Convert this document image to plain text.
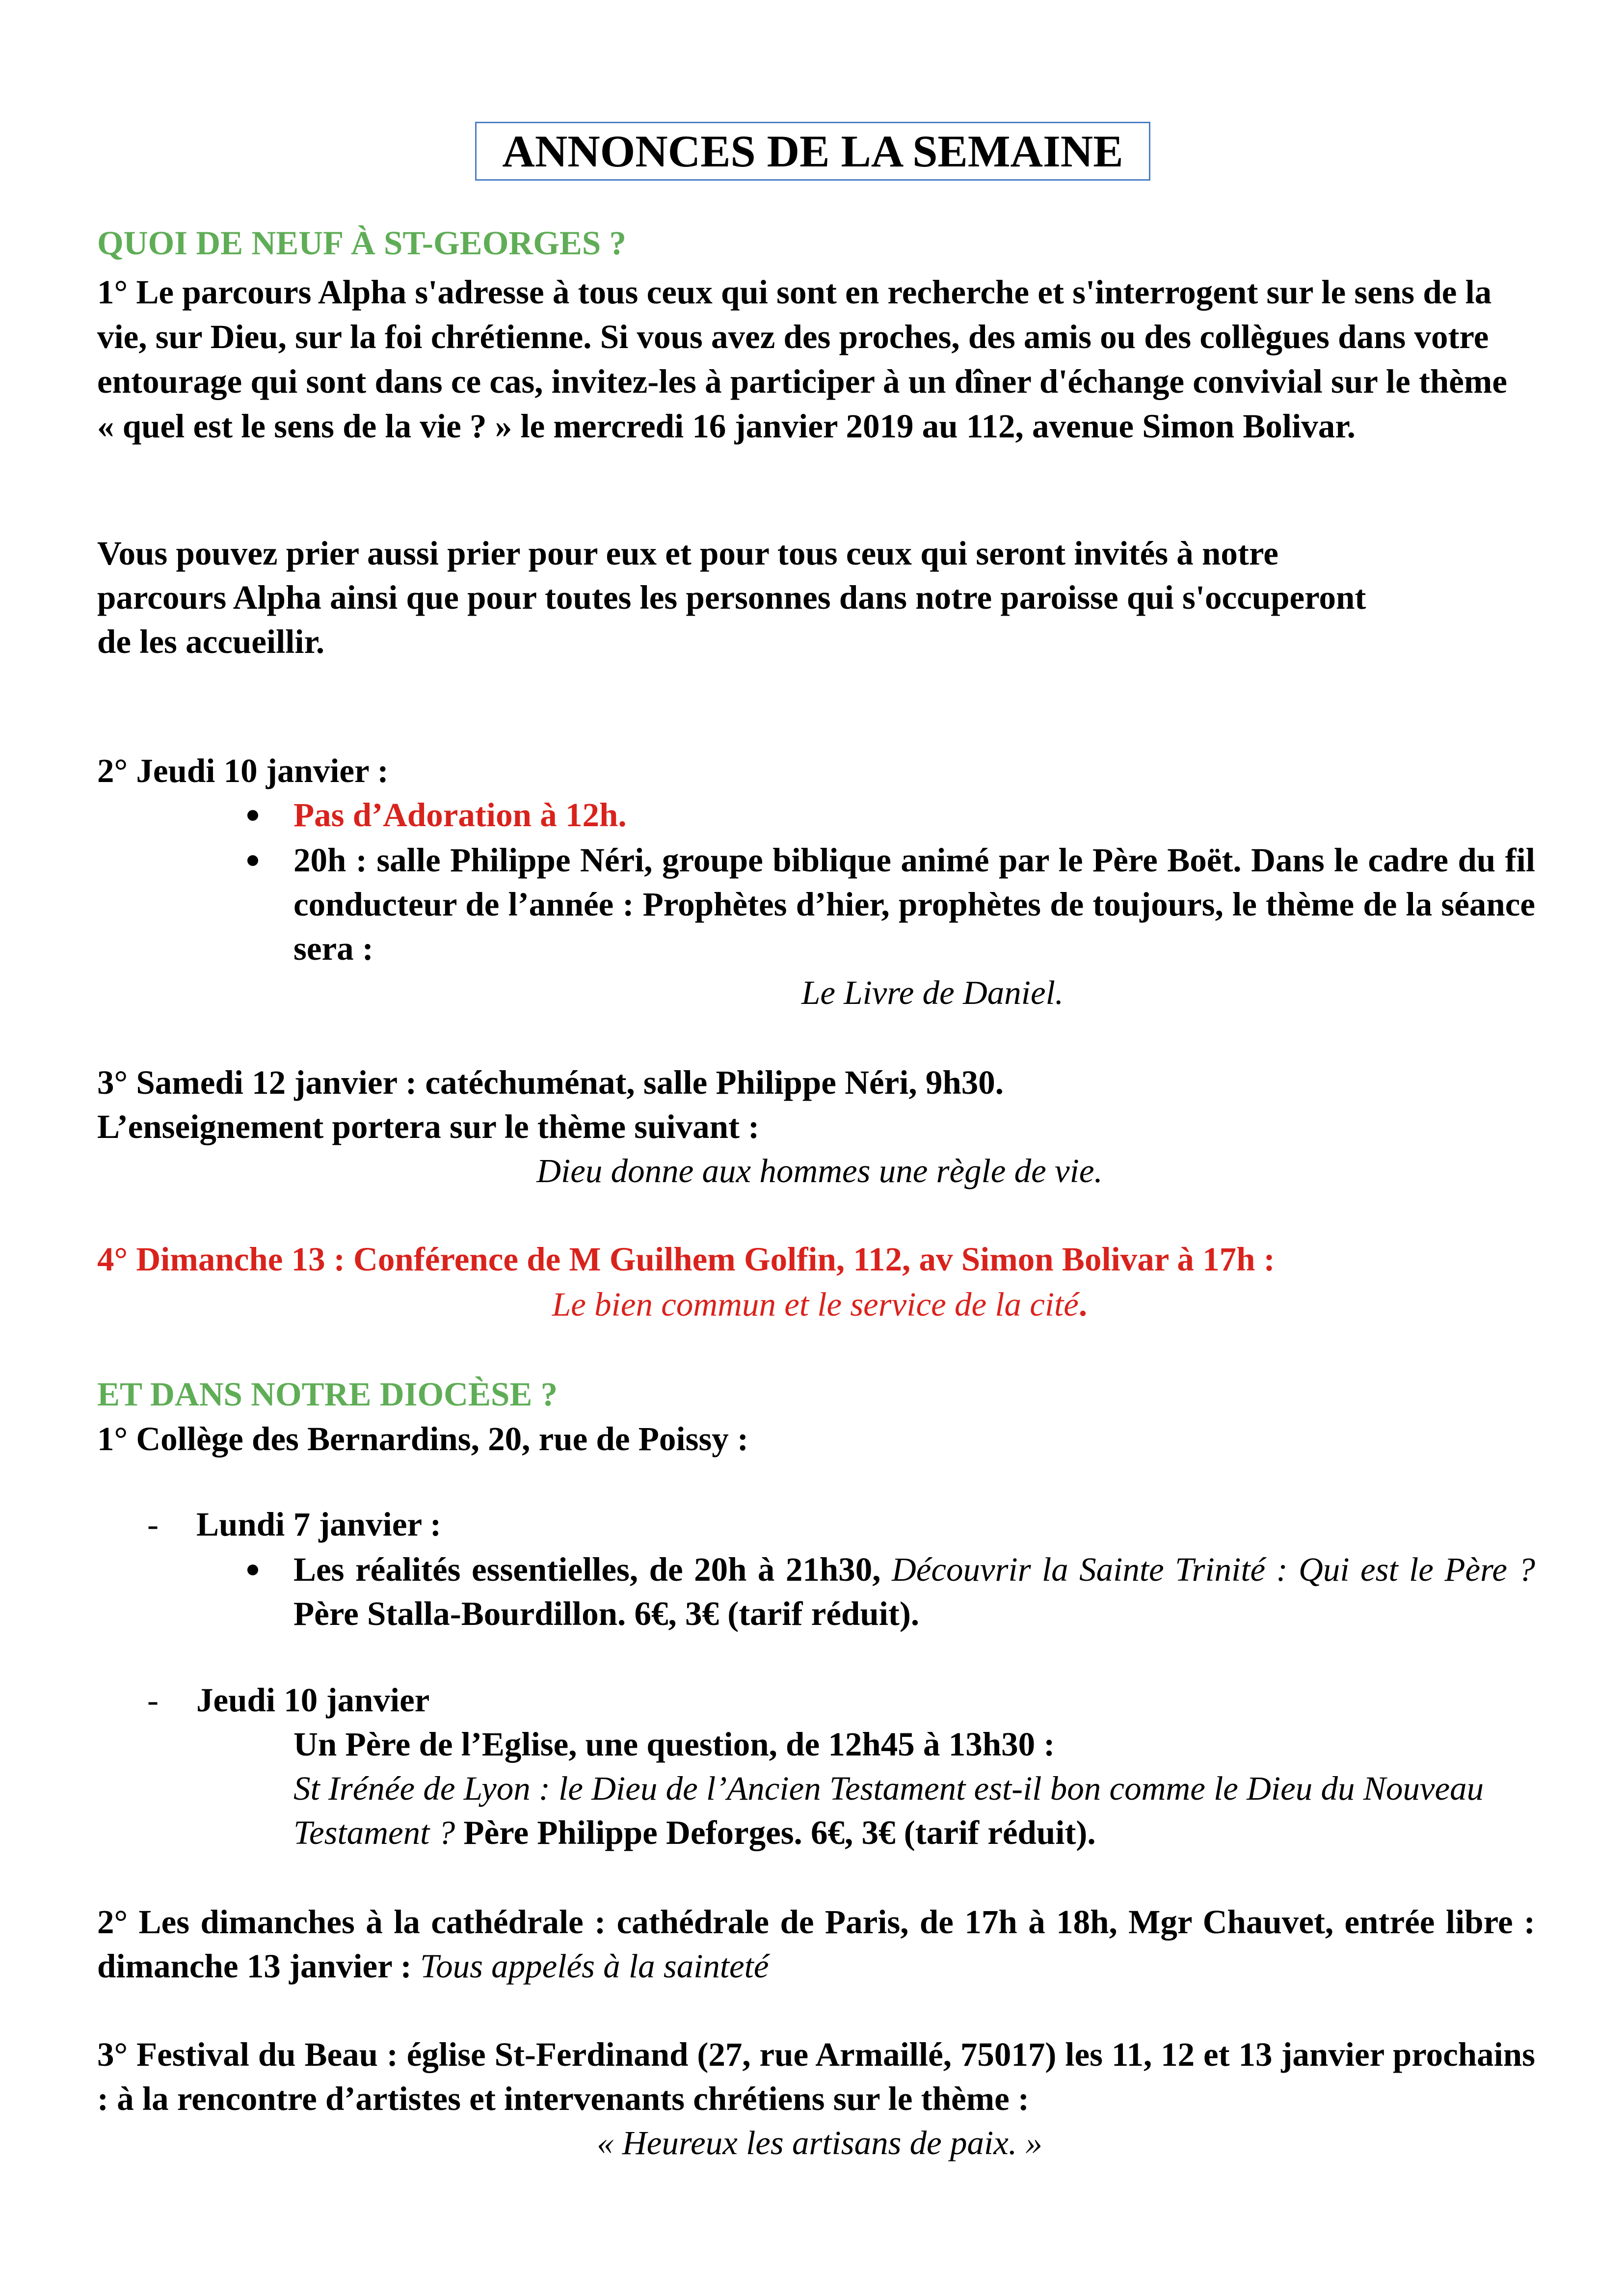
ANNONCES DE LA SEMAINE
QUOI DE NEUF À ST-GEORGES ?
1° Le parcours Alpha s'adresse à tous ceux qui sont en recherche et s'interrogent sur le sens de la vie, sur Dieu, sur la foi chrétienne. Si vous avez des proches, des amis ou des collègues dans votre entourage qui sont dans ce cas, invitez-les à participer à un dîner d'échange convivial sur le thème « quel est le sens de la vie ? » le mercredi 16 janvier 2019 au 112, avenue Simon Bolivar.
Vous pouvez prier aussi prier pour eux et pour tous ceux qui seront invités à notre parcours Alpha ainsi que pour toutes les personnes dans notre paroisse qui s'occuperont de les accueillir.
2° Jeudi 10 janvier :
Pas d’Adoration à 12h.
20h : salle Philippe Néri, groupe biblique animé par le Père Boët. Dans le cadre du fil conducteur de l’année : Prophètes d’hier, prophètes de toujours, le thème de la séance sera :
Le Livre de Daniel.
3° Samedi 12 janvier : catéchuménat, salle Philippe Néri, 9h30.
L’enseignement portera sur le thème suivant :
Dieu donne aux hommes une règle de vie.
4° Dimanche 13 : Conférence de M Guilhem Golfin, 112, av Simon Bolivar à 17h :
Le bien commun et le service de la cité.
ET DANS NOTRE DIOCÈSE ?
1° Collège des Bernardins, 20, rue de Poissy :
- Lundi 7 janvier :
Les réalités essentielles, de 20h à 21h30, Découvrir la Sainte Trinité : Qui est le Père ? Père Stalla-Bourdillon. 6€, 3€ (tarif réduit).
- Jeudi 10 janvier
Un Père de l’Eglise, une question, de 12h45 à 13h30 :
St Irénée de Lyon : le Dieu de l’Ancien Testament est-il bon comme le Dieu du Nouveau Testament ? Père Philippe Deforges. 6€, 3€ (tarif réduit).
2° Les dimanches à la cathédrale : cathédrale de Paris, de 17h à 18h, Mgr Chauvet, entrée libre : dimanche 13 janvier : Tous appelés à la sainteté
3° Festival du Beau : église St-Ferdinand (27, rue Armaillé, 75017) les 11, 12 et 13 janvier prochains : à la rencontre d’artistes et intervenants chrétiens sur le thème :
« Heureux les artisans de paix. »
